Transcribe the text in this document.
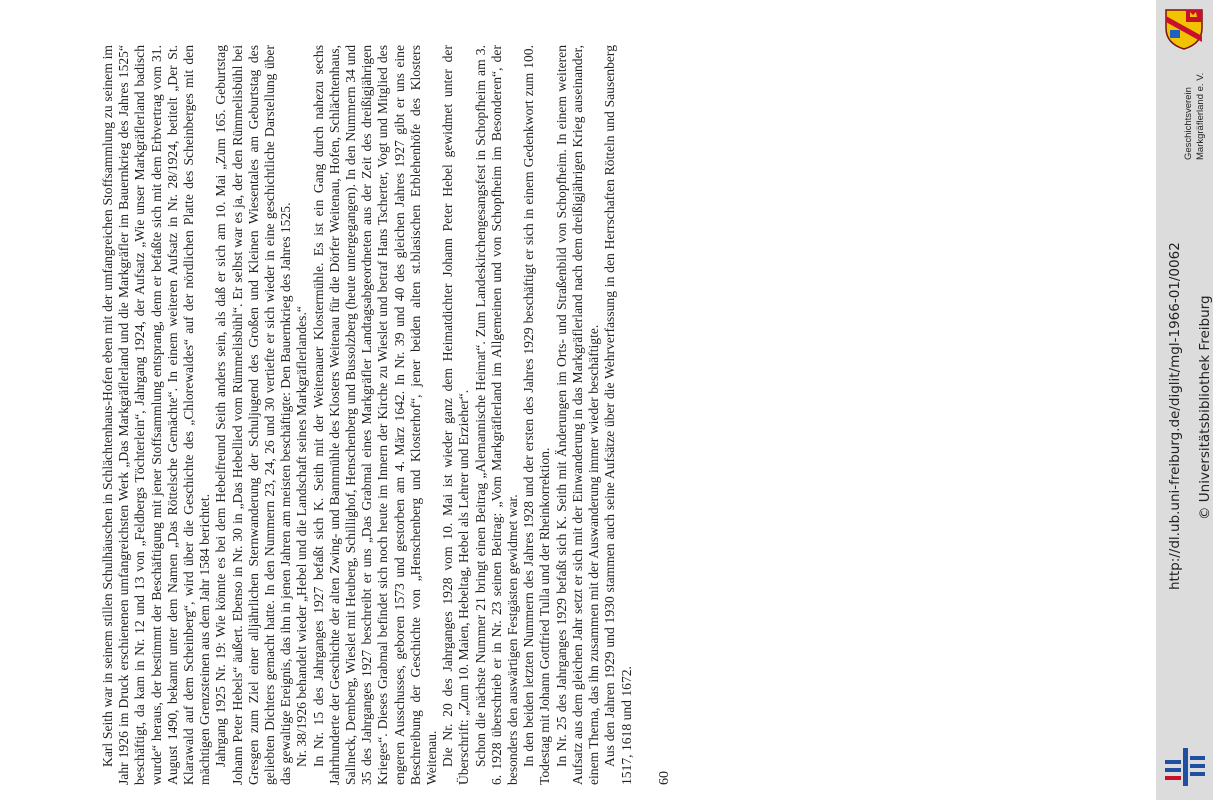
Karl Seith war in seinem stillen Schulhäuschen in Schlächtenhaus-Hofen eben mit der umfangreichen Stoffsammlung zu seinem im Jahr 1926 im Druck erschienenen umfangreichsten Werk „Das Markgräflerland und die Markgräfler im Bauernkrieg des Jahres 1525“ beschäftigt, da kam in Nr. 12 und 13 von „Feldbergs Töchterlein“, Jahrgang 1924, der Aufsatz „Wie unser Markgräflerland badisch wurde“ heraus, der bestimmt der Beschäftigung mit jener Stoffsammlung entsprang, denn er befaßte sich mit dem Erbvertrag vom 31. August 1490, bekannt unter dem Namen „Das Röttelsche Gemächte“. In einem weiteren Aufsatz in Nr. 28/1924, betitelt „Der St. Klarawald auf dem Scheinberg“, wird über die Geschichte des „Chlorewaldes“ auf der nördlichen Platte des Scheinberges mit den mächtigen Grenzsteinen aus dem Jahr 1584 berichtet. Jahrgang 1925 Nr. 19: Wie könnte es bei dem Hebelfreund Seith anders sein, als daß er sich am 10. Mai „Zum 165. Geburtstag Johann Peter Hebels“ äußert. Ebenso in Nr. 30 in „Das Hebellied vom Rümmelisbühl“. Er selbst war es ja, der den Rümmelisbühl bei Gresgen zum Ziel einer alljährlichen Sternwanderung der Schuljugend des Großen und Kleinen Wiesentales am Geburtstag des geliebten Dichters gemacht hatte. In den Nummern 23, 24, 26 und 30 vertiefte er sich wieder in eine geschichtliche Darstellung über das gewaltige Ereignis, das ihn in jenen Jahren am meisten beschäftigte: Den Bauernkrieg des Jahres 1525. Nr. 38/1926 behandelt wieder „Hebel und die Landschaft seines Markgräflerlandes.“ In Nr. 15 des Jahrganges 1927 befaßt sich K. Seith mit der Weitenauer Klostermühle. Es ist ein Gang durch nahezu sechs Jahrhunderte der Geschichte der alten Zwing- und Bannmühle des Klosters Weitenau für die Dörfer Weitenau, Hofen, Schlächtenhaus, Sallneck, Demberg, Wieslet mit Heuberg, Schillighof, Henschenberg und Bussolzberg (heute untergegangen). In den Nummern 34 und 35 des Jahrganges 1927 beschreibt er uns „Das Grabmal eines Markgräfler Landtagsabgeordneten aus der Zeit des dreißigjährigen Krieges“. Dieses Grabmal befindet sich noch heute im Innern der Kirche zu Wieslet und betraf Hans Tscherter, Vogt und Mitglied des engeren Ausschusses, geboren 1573 und gestorben am 4. März 1642. In Nr. 39 und 40 des gleichen Jahres 1927 gibt er uns eine Beschreibung der Geschichte von „Henschenberg und Klosterhof“, jener beiden alten st.blasischen Erblehenhöfe des Klosters Weitenau. Die Nr. 20 des Jahrganges 1928 vom 10. Mai ist wieder ganz dem Heimatdichter Johann Peter Hebel gewidmet unter der Überschrift: „Zum 10. Maien, Hebeltag, Hebel als Lehrer und Erzieher“. Schon die nächste Nummer 21 bringt einen Beitrag „Alemannische Heimat“. Zum Landeskirchengesangsfest in Schopfheim am 3. 6. 1928 überschrieb er in Nr. 23 seinen Beitrag: „Vom Markgräflerland im Allgemeinen und von Schopfheim im Besonderen“, der besonders den auswärtigen Festgästen gewidmet war. In den beiden letzten Nummern des Jahres 1928 und der ersten des Jahres 1929 beschäftigt er sich in einem Gedenkwort zum 100. Todestag mit Johann Gottfried Tulla und der Rheinkorrektion. In Nr. 25 des Jahrganges 1929 befaßt sich K. Seith mit Änderungen im Orts- und Straßenbild von Schopfheim. In einem weiteren Aufsatz aus dem gleichen Jahr setzt er sich mit der Einwanderung in das Markgräflerland nach dem dreißigjährigen Krieg auseinander, einem Thema, das ihn zusammen mit der Auswanderung immer wieder beschäftigte. Aus den Jahren 1929 und 1930 stammen auch seine Aufsätze über die Wehrverfassung in den Herrschaften Rötteln und Sausenberg 1517, 1618 und 1672. 60
http://dl.ub.uni-freiburg.de/diglit/mgl-1966-01/0062 © Universitätsbibliothek Freiburg
Geschichtsverein Markgräflerland e. V.
